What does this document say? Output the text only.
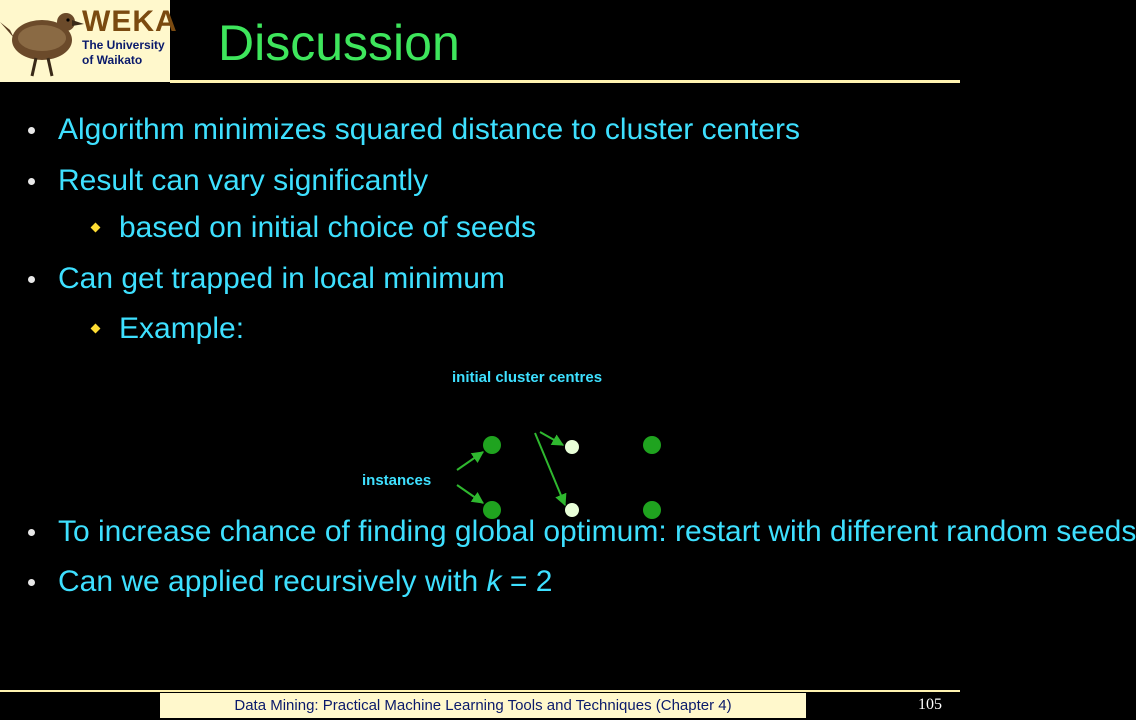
WEKA
The University
of Waikato	Discussion
Algorithm minimizes squared distance to cluster centers
Result can vary significantly
based on initial choice of seeds
Can get trapped in local minimum
Example:
initial cluster centres
instances
To increase chance of finding global optimum: restart with different random seeds
Can we applied recursively with k = 2
Data Mining: Practical Machine Learning Tools and Techniques (Chapter 4)	105
